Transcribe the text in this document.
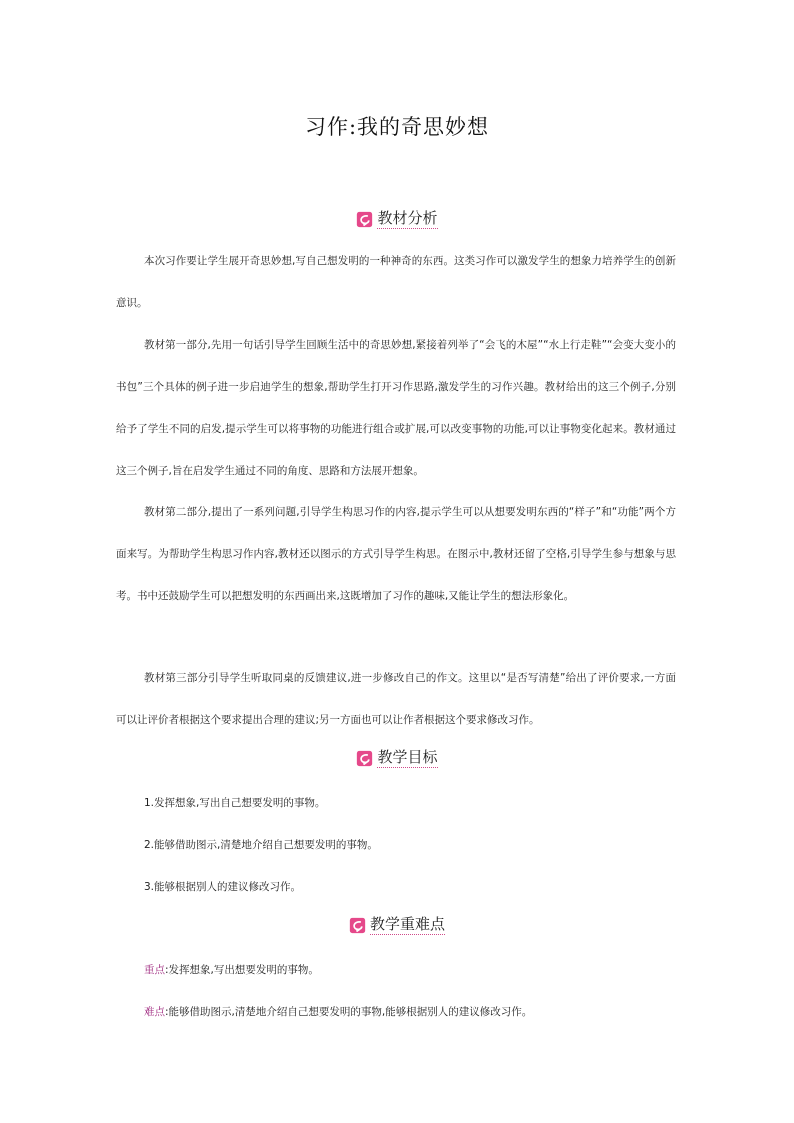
习作:我的奇思妙想
教材分析

本次习作要让学生展开奇思妙想,写自己想发明的一种神奇的东西。这类习作可以激发学生的想象力培养学生的创新意识。

教材第一部分,先用一句话引导学生回顾生活中的奇思妙想,紧接着列举了“会飞的木屋”“水上行走鞋”“会变大变小的书包”三个具体的例子进一步启迪学生的想象,帮助学生打开习作思路,激发学生的习作兴趣。教材给出的这三个例子,分别给予了学生不同的启发,提示学生可以将事物的功能进行组合或扩展,可以改变事物的功能,可以让事物变化起来。教材通过这三个例子,旨在启发学生通过不同的角度、思路和方法展开想象。

教材第二部分,提出了一系列问题,引导学生构思习作的内容,提示学生可以从想要发明东西的“样子”和“功能”两个方面来写。为帮助学生构思习作内容,教材还以图示的方式引导学生构思。在图示中,教材还留了空格,引导学生参与想象与思考。书中还鼓励学生可以把想发明的东西画出来,这既增加了习作的趣味,又能让学生的想法形象化。

教材第三部分引导学生听取同桌的反馈建议,进一步修改自己的作文。这里以“是否写清楚”给出了评价要求,一方面可以让评价者根据这个要求提出合理的建议;另一方面也可以让作者根据这个要求修改习作。

教学目标

1.发挥想象,写出自己想要发明的事物。

2.能够借助图示,清楚地介绍自己想要发明的事物。

3.能够根据别人的建议修改习作。

教学重难点

重点:发挥想象,写出想要发明的事物。

难点:能够借助图示,清楚地介绍自己想要发明的事物,能够根据别人的建议修改习作。
